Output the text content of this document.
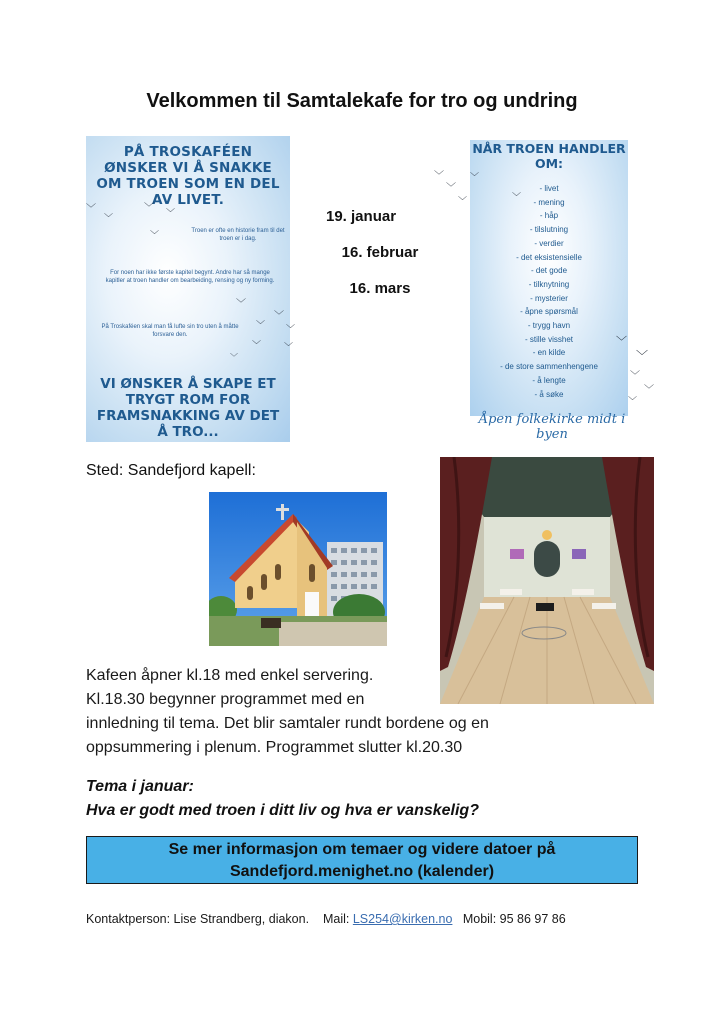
Velkommen til Samtalekafe for tro og undring
PÅ TROSKAFÉEN ØNSKER VI Å SNAKKE OM TROEN SOM EN DEL AV LIVET.
Troen er ofte en historie fram til det troen er i dag.
For noen har ikke første kapitel begynt. Andre har så mange kapitler at troen handler om bearbeiding, rensing og ny forming.
På Troskaféen skal man få lufte sin tro uten å måtte forsvare den.
VI ØNSKER Å SKAPE ET TRYGT ROM FOR FRAMSNAKKING AV DET Å TRO...
﹀ ﹀
﹀
﹀
﹀
﹀
﹀
﹀
﹀
﹀
﹀
﹀
19. januar
16. februar
16. mars
NÅR TROEN HANDLER OM:
- livet
- mening
- håp
- tilslutning
- verdier
- det eksistensielle
- det gode
- tilknytning
- mysterier
- åpne spørsmål
- trygg havn
- stille visshet
- en kilde
- de store sammenhengene
- å lengte
- å søke
Åpen folkekirke midt i byen
﹀
﹀
﹀
﹀
﹀
﹀
﹀
﹀
﹀
﹀
Sted: Sandefjord kapell:
Kafeen åpner kl.18 med enkel servering.
Kl.18.30 begynner programmet med en
innledning til tema. Det blir samtaler rundt bordene og en
oppsummering i plenum. Programmet slutter kl.20.30
Tema i januar:
Hva er godt med troen i ditt liv og hva er vanskelig?
Se mer informasjon om temaer og videre datoer på
Sandefjord.menighet.no (kalender)
Kontaktperson: Lise Strandberg, diakon. Mail: LS254@kirken.no Mobil: 95 86 97 86
